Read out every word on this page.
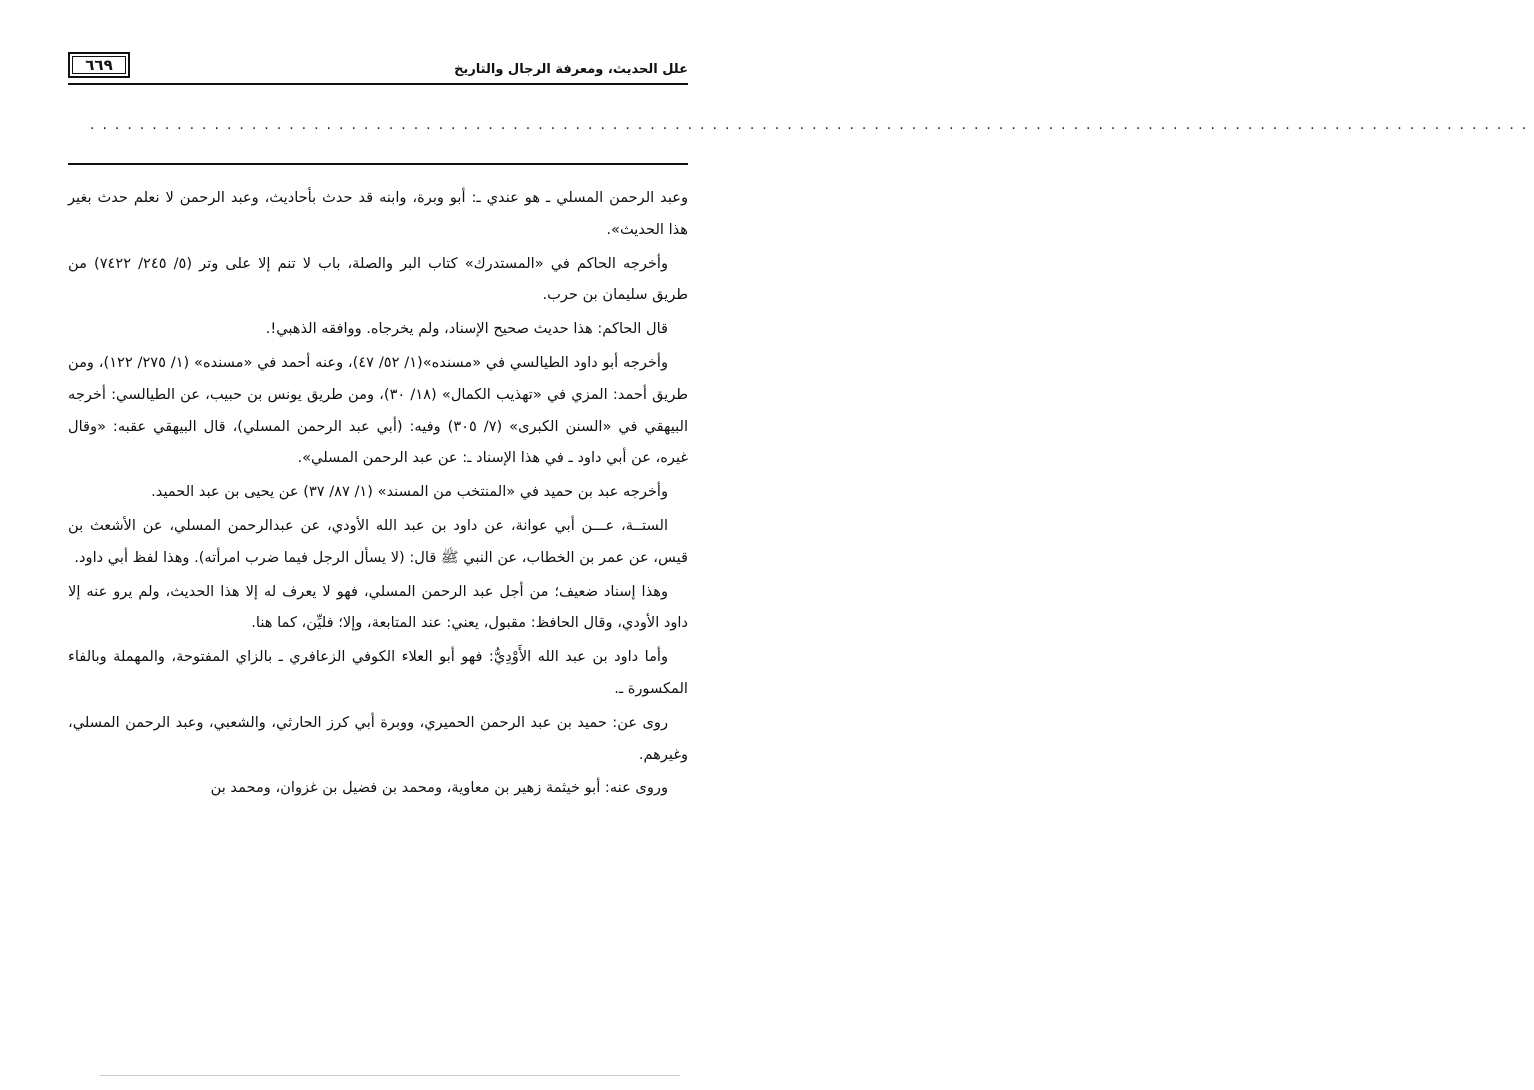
علل الحديث، ومعرفة الرجال والتاريخ
٦٦٩
....................................................................................................................

وعبد الرحمن المسلي ـ هو عندي ـ: أبو وبرة، وابنه قد حدث بأحاديث، وعبد الرحمن لا نعلم حدث بغير هذا الحديث».

وأخرجه الحاكم في «المستدرك» كتاب البر والصلة، باب لا تنم إلا على وتر (٥/ ٢٤٥/ ٧٤٢٢) من طريق سليمان بن حرب.

قال الحاكم: هذا حديث صحيح الإسناد، ولم يخرجاه. ووافقه الذهبي!.

وأخرجه أبو داود الطيالسي في «مسنده»(١/ ٥٢/ ٤٧)، وعنه أحمد في «مسنده» (١/ ٢٧٥/ ١٢٢)، ومن طريق أحمد: المزي في «تهذيب الكمال» (١٨/ ٣٠)، ومن طريق يونس بن حبيب، عن الطيالسي: أخرجه البيهقي في «السنن الكبرى» (٧/ ٣٠٥) وفيه: (أبي عبد الرحمن المسلي)، قال البيهقي عقبه: «وقال غيره، عن أبي داود ـ في هذا الإسناد ـ: عن عبد الرحمن المسلي».

وأخرجه عبد بن حميد في «المنتخب من المسند» (١/ ٨٧/ ٣٧) عن يحيى بن عبد الحميد.

الستــة، عـــن أبي عوانة، عن داود بن عبد الله الأودي، عن عبدالرحمن المسلي، عن الأشعث بن قيس، عن عمر بن الخطاب، عن النبي ﷺ قال: (لا يسأل الرجل فيما ضرب امرأته). وهذا لفظ أبي داود.

وهذا إسناد ضعيف؛ من أجل عبد الرحمن المسلي، فهو لا يعرف له إلا هذا الحديث، ولم يرو عنه إلا داود الأودي، وقال الحافظ: مقبول، يعني: عند المتابعة، وإلا؛ فليِّن، كما هنا.

وأما داود بن عبد الله الأَوْدِيُّ: فهو أبو العلاء الكوفي الزعافري ـ بالزاي المفتوحة، والمهملة وبالفاء المكسورة ـ.

روى عن: حميد بن عبد الرحمن الحميري، ووبرة أبي كرز الحارثي، والشعبي، وعبد الرحمن المسلي، وغيرهم.

وروى عنه: أبو خيثمة زهير بن معاوية، ومحمد بن فضيل بن غزوان، ومحمد بن
